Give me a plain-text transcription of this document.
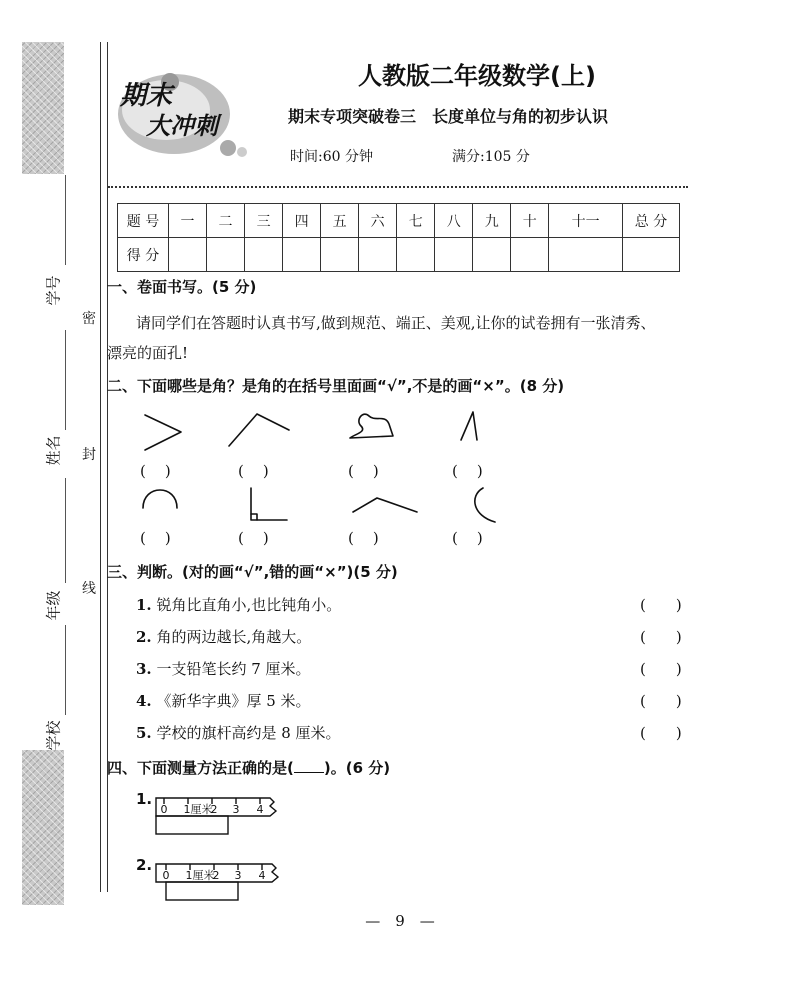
学号
姓名
年级
学校
密
封
线
期末
大冲刺
人教版二年级数学(上)
期末专项突破卷三　长度单位与角的初步认识
时间:60 分钟	满分:105 分
题 号	一	二	三	四	五	六	七	八	九	十	十一	总 分
得 分												
一、卷面书写。(5 分)
请同学们在答题时认真书写,做到规范、端正、美观,让你的试卷拥有一张清秀、
漂亮的面孔!
二、下面哪些是角？是角的在括号里面画“√”,不是的画“×”。(8 分)
(　)	(　)	(　)	(　)
(　)	(　)	(　)	(　)
三、判断。(对的画“√”,错的画“×”)(5 分)
1. 锐角比直角小,也比钝角小。	(　　)
2. 角的两边越长,角越大。	(　　)
3. 一支铅笔长约 7 厘米。	(　　)
4. 《新华字典》厚 5 米。	(　　)
5. 学校的旗杆高约是 8 厘米。	(　　)
四、下面测量方法正确的是( )。(6 分)
1.
0 1厘米
2 3 4
2.
0 1厘米
2 3 4
—　9　—
